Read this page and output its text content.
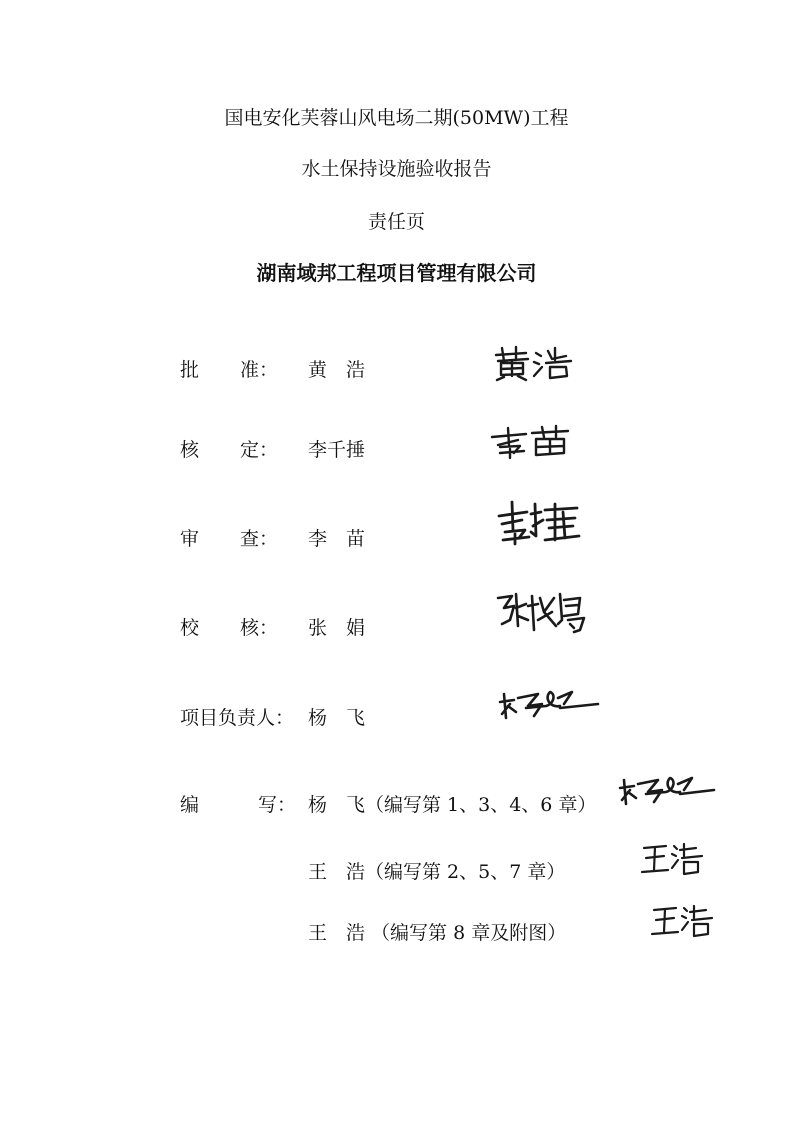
国电安化芙蓉山风电场二期(50MW)工程
水土保持设施验收报告
责任页
湖南域邦工程项目管理有限公司
批 准： 黄　浩
核 定： 李千捶
审 查： 李　苗
校 核： 张　娟
项目负责人： 杨　飞
编	写： 杨　飞（编写第 1、3、4、6 章）
王　浩（编写第 2、5、7 章）
王　浩 （编写第 8 章及附图）
